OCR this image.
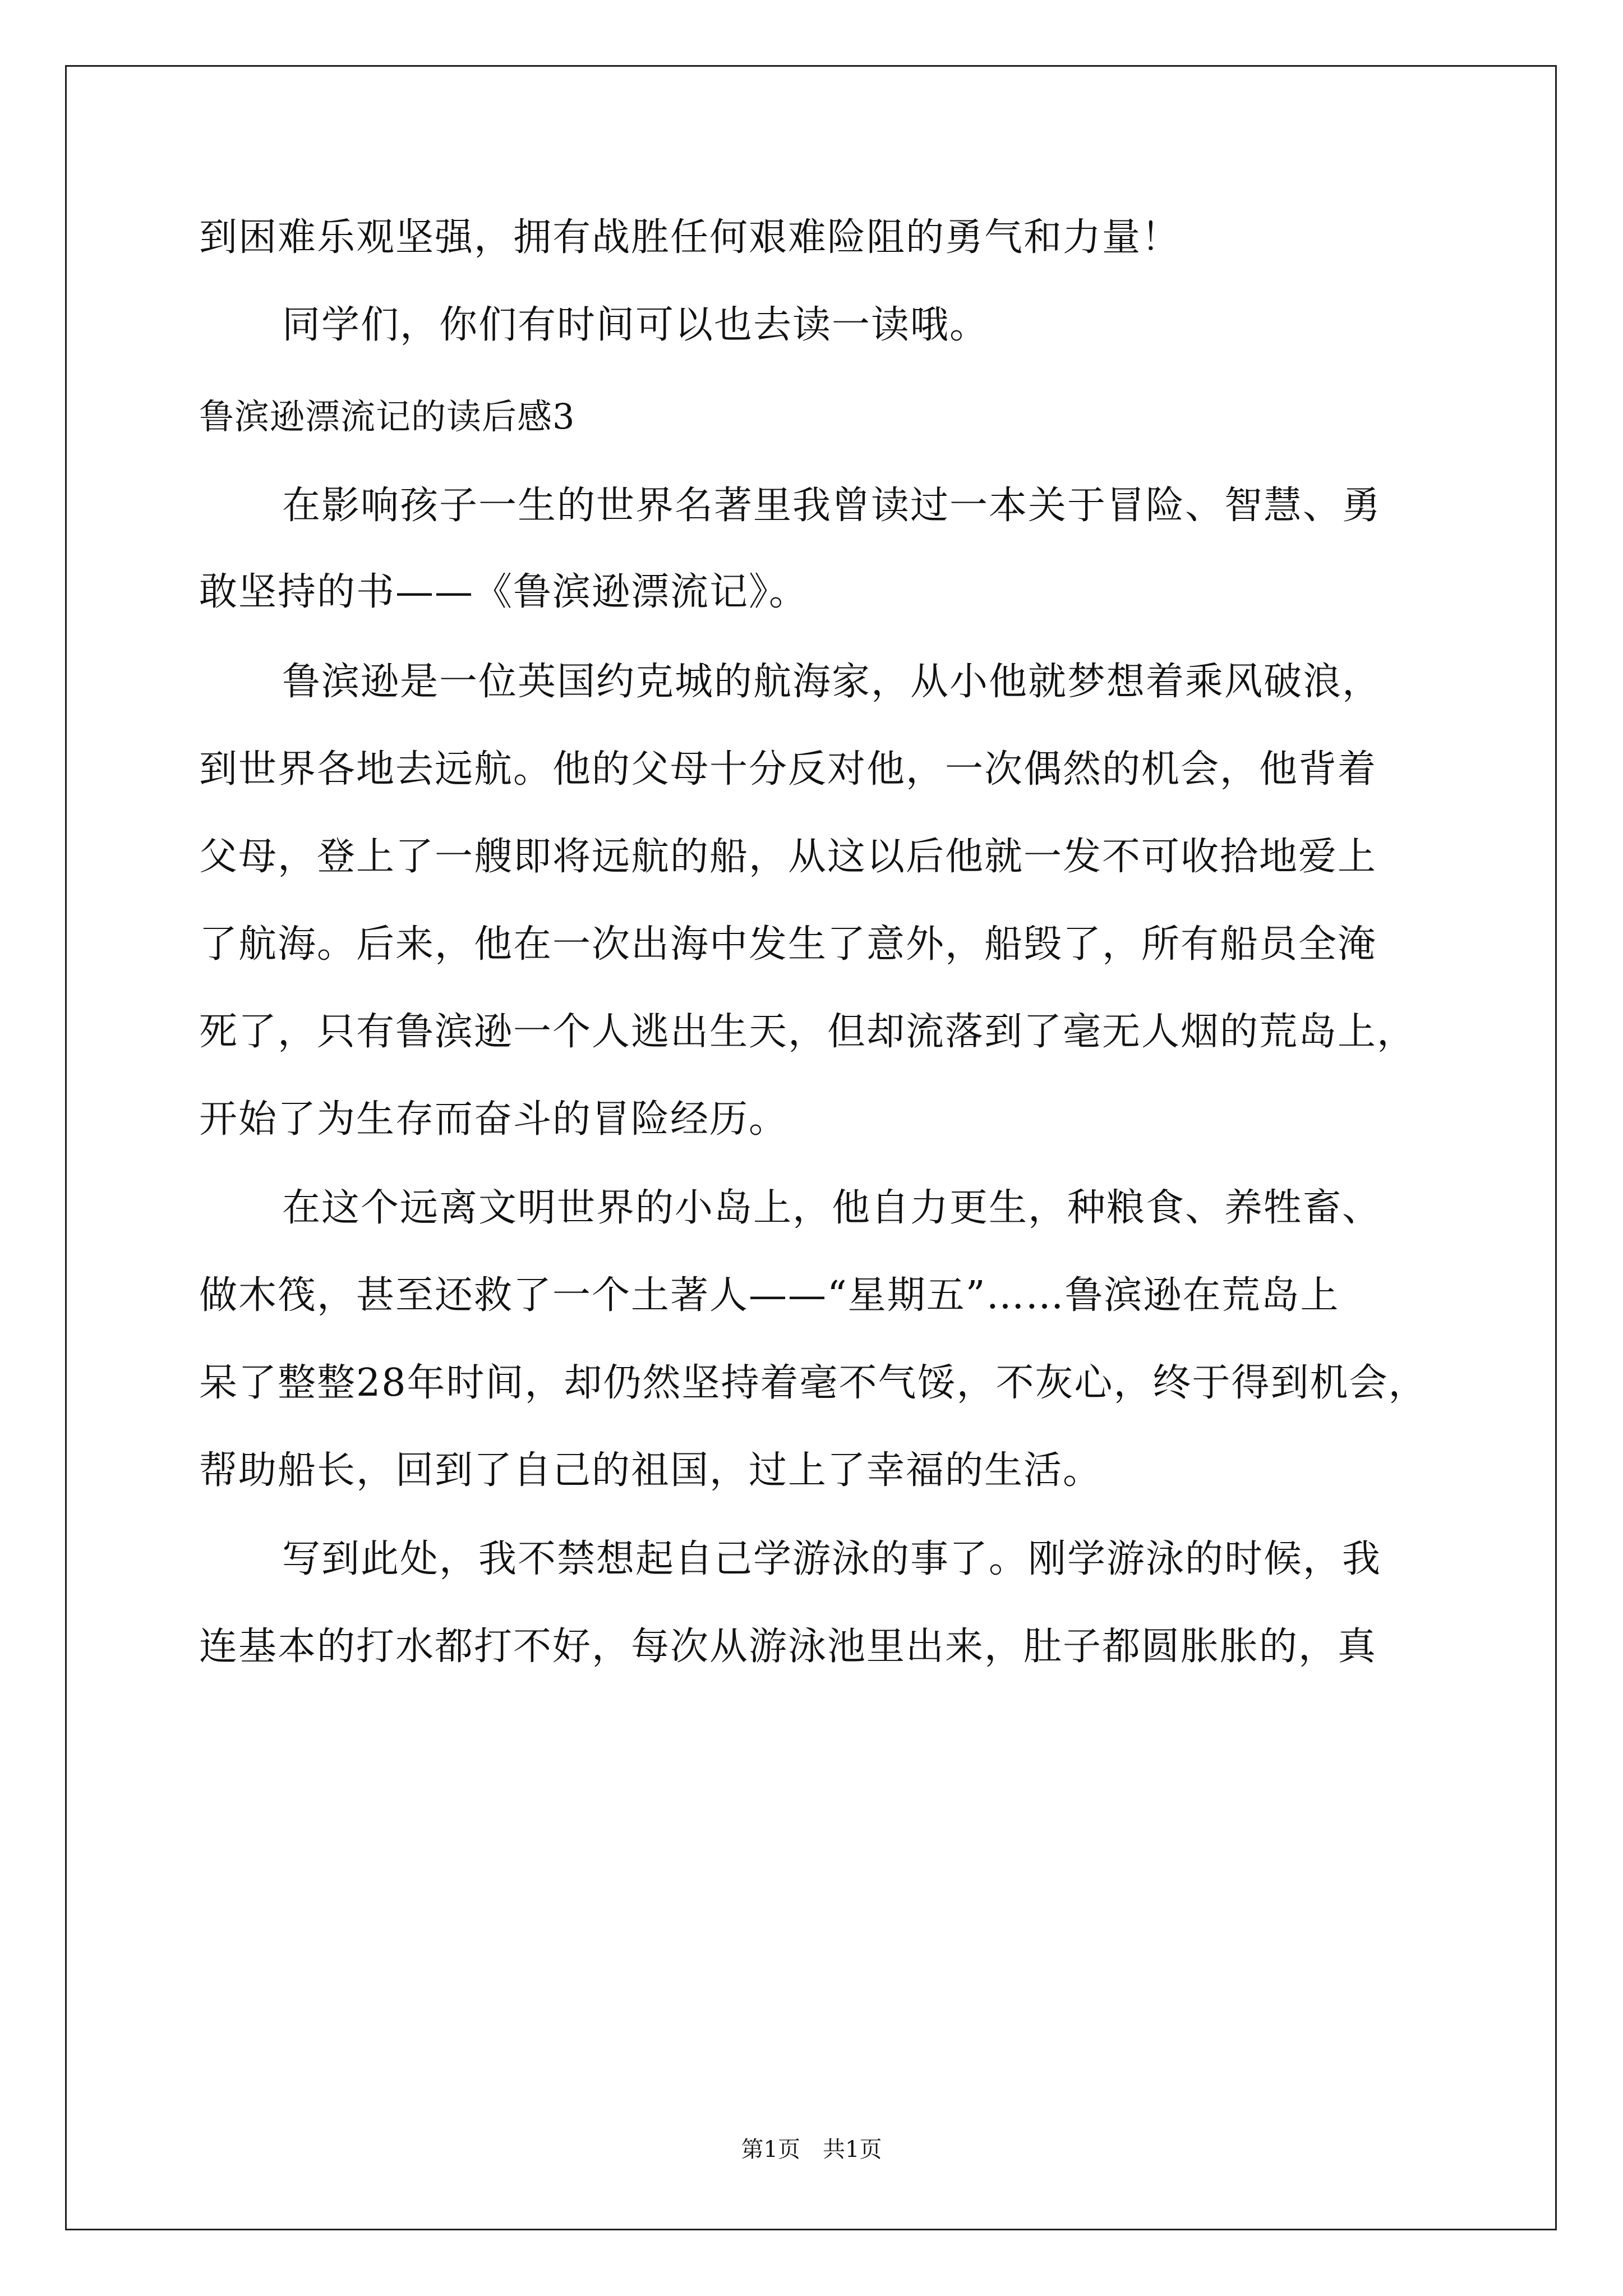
到困难乐观坚强，拥有战胜任何艰难险阻的勇气和力量！
同学们，你们有时间可以也去读一读哦。
鲁滨逊漂流记的读后感3
在影响孩子一生的世界名著里我曾读过一本关于冒险、智慧、勇
敢坚持的书——《鲁滨逊漂流记》。
鲁滨逊是一位英国约克城的航海家，从小他就梦想着乘风破浪，
到世界各地去远航。他的父母十分反对他，一次偶然的机会，他背着
父母，登上了一艘即将远航的船，从这以后他就一发不可收拾地爱上
了航海。后来，他在一次出海中发生了意外，船毁了，所有船员全淹
死了，只有鲁滨逊一个人逃出生天，但却流落到了毫无人烟的荒岛上，
开始了为生存而奋斗的冒险经历。
在这个远离文明世界的小岛上，他自力更生，种粮食、养牲畜、
做木筏，甚至还救了一个土著人——“星期五”……鲁滨逊在荒岛上
呆了整整28年时间，却仍然坚持着毫不气馁，不灰心，终于得到机会，
帮助船长，回到了自己的祖国，过上了幸福的生活。
写到此处，我不禁想起自己学游泳的事了。刚学游泳的时候，我
连基本的打水都打不好，每次从游泳池里出来，肚子都圆胀胀的，真
第1页　共1页
